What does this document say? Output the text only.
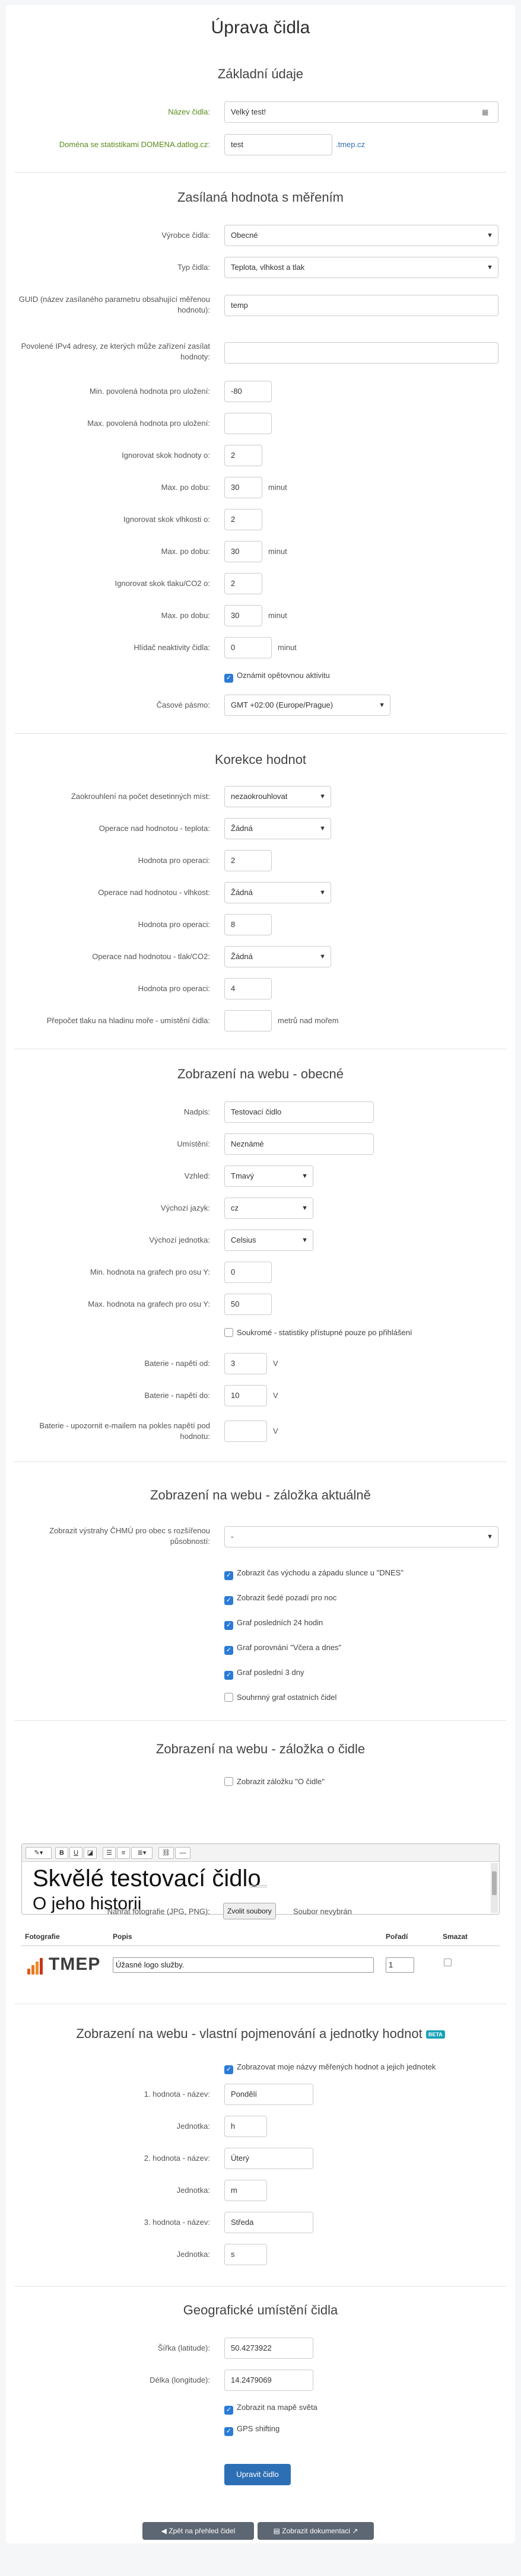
Úprava čidla
Základní údaje
Název čidla:	Velký test!	▦
Doména se statistikami DOMENA.datlog.cz:	test	.tmep.cz
Zasílaná hodnota s měřením
Výrobce čidla:	Obecné	▼
Typ čidla:	Teplota, vlhkost a tlak	▼
GUID (název zasílaného parametru obsahující měřenou hodnotu):
temp
Povolené IPv4 adresy, ze kterých může zařízení zasílat hodnoty:
Min. povolená hodnota pro uložení:	-80
Max. povolená hodnota pro uložení:
Ignorovat skok hodnoty o:	2
Max. po dobu:	30	minut
Ignorovat skok vlhkosti o:	2
Max. po dobu:	30	minut
Ignorovat skok tlaku/CO2 o:	2
Max. po dobu:	30	minut
Hlídač neaktivity čidla:	0	minut
✓ Oznámit opětovnou aktivitu
Časové pásmo:	GMT +02:00 (Europe/Prague)	▼
Korekce hodnot
Zaokrouhlení na počet desetinných míst:	nezaokrouhlovat	▼
Operace nad hodnotou - teplota:	Žádná	▼
Hodnota pro operaci:	2
Operace nad hodnotou - vlhkost:	Žádná	▼
Hodnota pro operaci:	8
Operace nad hodnotou - tlak/CO2:	Žádná	▼
Hodnota pro operaci:	4
Přepočet tlaku na hladinu moře - umístění čidla:	metrů nad mořem
Zobrazení na webu - obecné
Nadpis:	Testovací čidlo
Umístění:	Neznámé
Vzhled:	Tmavý	▼
Výchozí jazyk:	cz	▼
Výchozí jednotka:	Celsius	▼
Min. hodnota na grafech pro osu Y:	0
Max. hodnota na grafech pro osu Y:	50
Soukromé - statistiky přístupné pouze po přihlášení
Baterie - napětí od:	3	V
Baterie - napětí do:	10	V
Baterie - upozornit e-mailem na pokles napětí pod hodnotu:
V
Zobrazení na webu - záložka aktuálně
Zobrazit výstrahy ČHMÚ pro obec s rozšířenou působností:
-	▼
✓ Zobrazit čas východu a západu slunce u "DNES"
✓ Zobrazit šedé pozadí pro noc
✓ Graf posledních 24 hodin
✓ Graf porovnání "Včera a dnes"
✓ Graf poslední 3 dny
Souhrnný graf ostatních čidel
Zobrazení na webu - záložka o čidle
Zobrazit záložku "O čidle"
✎▾	B	U	◪	☰	≡	≣▾	⛓	—
Skvělé testovací čidlo
O jeho historii
Nahrát fotografie (JPG, PNG):	Zvolit soubory	Soubor nevybrán
Fotografie	Popis	Pořadí	Smazat
TMEP	Úžasné logo služby.	1
Zobrazení na webu - vlastní pojmenování a jednotky hodnot BETA
✓ Zobrazovat moje názvy měřených hodnot a jejich jednotek
1. hodnota - název:	Pondělí
Jednotka:	h
2. hodnota - název:	Úterý
Jednotka:	m
3. hodnota - název:	Středa
Jednotka:	s
Geografické umístění čidla
Šířka (latitude):	50.4273922
Délka (longitude):	14.2479069
✓ Zobrazit na mapě světa
✓ GPS shifting
Upravit čidlo
◀ Zpět na přehled čidel	▤ Zobrazit dokumentaci ↗
